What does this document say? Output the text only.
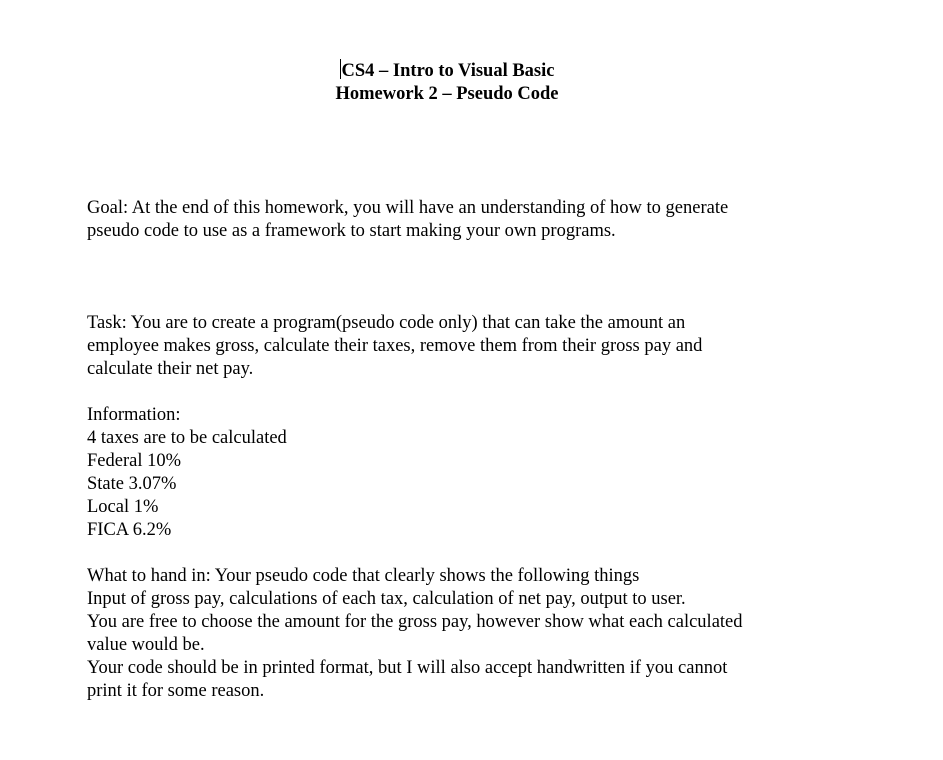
CS4 – Intro to Visual Basic
Homework 2 – Pseudo Code
Goal: At the end of this homework, you will have an understanding of how to generate
pseudo code to use as a framework to start making your own programs.
Task: You are to create a program(pseudo code only) that can take the amount an
employee makes gross, calculate their taxes, remove them from their gross pay and
calculate their net pay.
Information:
4 taxes are to be calculated
Federal 10%
State 3.07%
Local 1%
FICA 6.2%
What to hand in: Your pseudo code that clearly shows the following things
Input of gross pay, calculations of each tax, calculation of net pay, output to user.
You are free to choose the amount for the gross pay, however show what each calculated
value would be.
Your code should be in printed format, but I will also accept handwritten if you cannot
print it for some reason.
